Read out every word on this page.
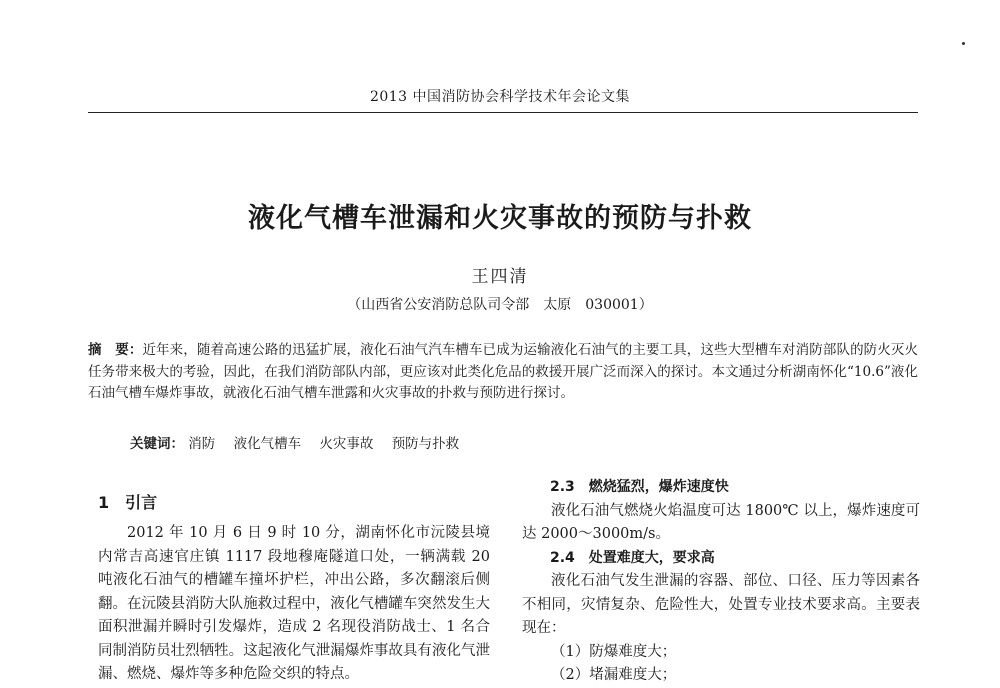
2013 中国消防协会科学技术年会论文集
液化气槽车泄漏和火灾事故的预防与扑救
王四清
（山西省公安消防总队司令部　太原　030001）
摘　要：近年来，随着高速公路的迅猛扩展，液化石油气汽车槽车已成为运输液化石油气的主要工具，这些大型槽车对消防部队的防火灭火任务带来极大的考验，因此，在我们消防部队内部，更应该对此类化危品的救援开展广泛而深入的探讨。本文通过分析湖南怀化“10.6”液化石油气槽车爆炸事故，就液化石油气槽车泄露和火灾事故的扑救与预防进行探讨。
关键词： 消防 液化气槽车 火灾事故 预防与扑救
1　引言

2012 年 10 月 6 日 9 时 10 分，湖南怀化市沅陵县境内常吉高速官庄镇 1117 段地穆庵隧道口处，一辆满载 20 吨液化石油气的槽罐车撞坏护栏，冲出公路，多次翻滚后侧翻。在沅陵县消防大队施救过程中，液化气槽罐车突然发生大面积泄漏并瞬时引发爆炸，造成 2 名现役消防战士、1 名合同制消防员壮烈牺牲。这起液化气泄漏爆炸事故具有液化气泄漏、燃烧、爆炸等多种危险交织的特点。

2.3　燃烧猛烈，爆炸速度快

液化石油气燃烧火焰温度可达 1800℃ 以上，爆炸速度可达 2000～3000m/s。

2.4　处置难度大，要求高

液化石油气发生泄漏的容器、部位、口径、压力等因素各不相同，灾情复杂、危险性大，处置专业技术要求高。主要表现在：

（1）防爆难度大；

（2）堵漏难度大；
